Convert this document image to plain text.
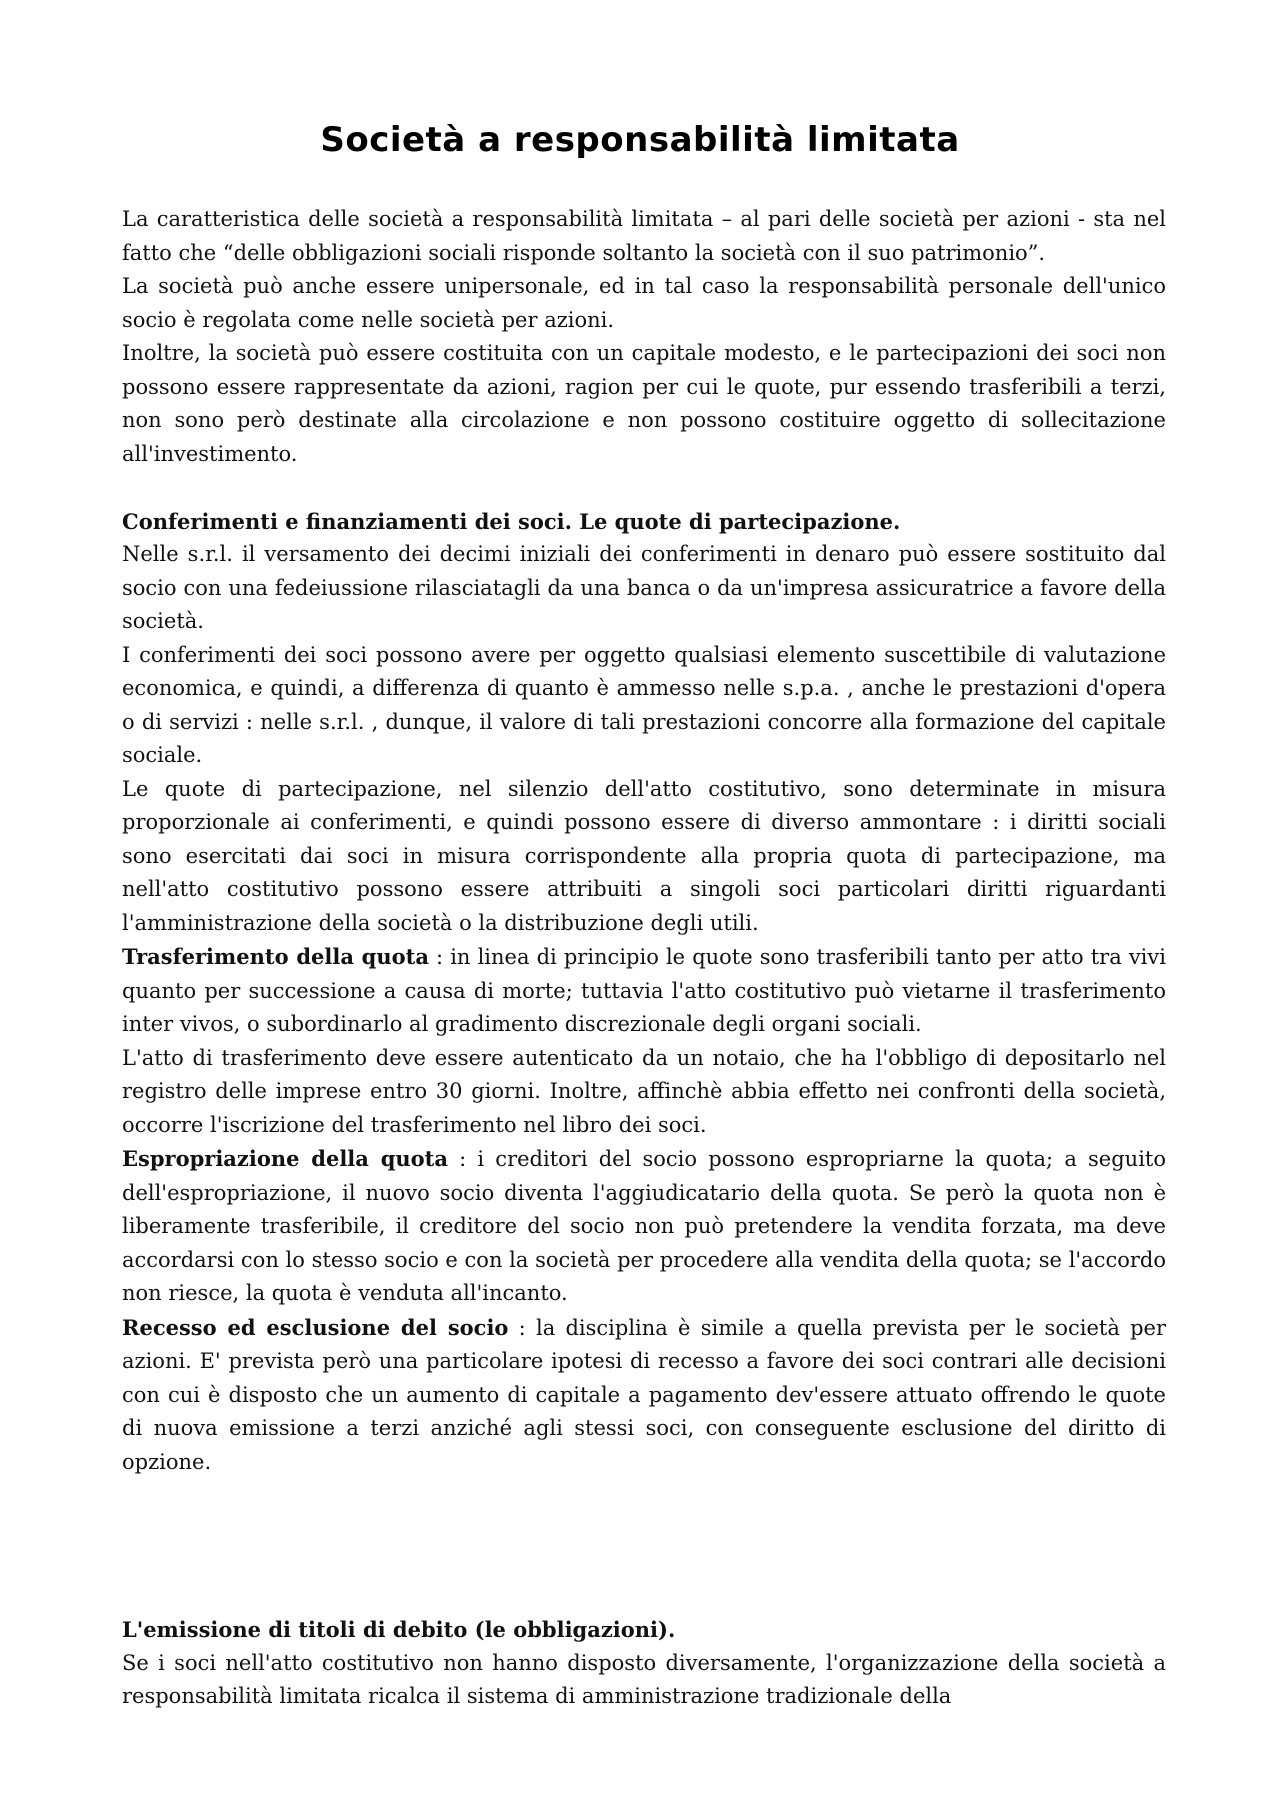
Società a responsabilità limitata

La caratteristica delle società a responsabilità limitata – al pari delle società per azioni - sta nel fatto che “delle obbligazioni sociali risponde soltanto la società con il suo patrimonio”.

La società può anche essere unipersonale, ed in tal caso la responsabilità personale dell'unico socio è regolata come nelle società per azioni.

Inoltre, la società può essere costituita con un capitale modesto, e le partecipazioni dei soci non possono essere rappresentate da azioni, ragion per cui le quote, pur essendo trasferibili a terzi, non sono però destinate alla circolazione e non possono costituire oggetto di sollecitazione all'investimento.

Conferimenti e finanziamenti dei soci. Le quote di partecipazione.

Nelle s.r.l. il versamento dei decimi iniziali dei conferimenti in denaro può essere sostituito dal socio con una fedeiussione rilasciatagli da una banca o da un'impresa assicuratrice a favore della società.

I conferimenti dei soci possono avere per oggetto qualsiasi elemento suscettibile di valutazione economica, e quindi, a differenza di quanto è ammesso nelle s.p.a. , anche le prestazioni d'opera o di servizi : nelle s.r.l. , dunque, il valore di tali prestazioni concorre alla formazione del capitale sociale.

Le quote di partecipazione, nel silenzio dell'atto costitutivo, sono determinate in misura proporzionale ai conferimenti, e quindi possono essere di diverso ammontare : i diritti sociali sono esercitati dai soci in misura corrispondente alla propria quota di partecipazione, ma nell'atto costitutivo possono essere attribuiti a singoli soci particolari diritti riguardanti l'amministrazione della società o la distribuzione degli utili.

Trasferimento della quota : in linea di principio le quote sono trasferibili tanto per atto tra vivi quanto per successione a causa di morte; tuttavia l'atto costitutivo può vietarne il trasferimento inter vivos, o subordinarlo al gradimento discrezionale degli organi sociali.

L'atto di trasferimento deve essere autenticato da un notaio, che ha l'obbligo di depositarlo nel registro delle imprese entro 30 giorni. Inoltre, affinchè abbia effetto nei confronti della società, occorre l'iscrizione del trasferimento nel libro dei soci.

Espropriazione della quota : i creditori del socio possono espropriarne la quota; a seguito dell'espropriazione, il nuovo socio diventa l'aggiudicatario della quota. Se però la quota non è liberamente trasferibile, il creditore del socio non può pretendere la vendita forzata, ma deve accordarsi con lo stesso socio e con la società per procedere alla vendita della quota; se l'accordo non riesce, la quota è venduta all'incanto.

Recesso ed esclusione del socio : la disciplina è simile a quella prevista per le società per azioni. E' prevista però una particolare ipotesi di recesso a favore dei soci contrari alle decisioni con cui è disposto che un aumento di capitale a pagamento dev'essere attuato offrendo le quote di nuova emissione a terzi anziché agli stessi soci, con conseguente esclusione del diritto di opzione.

L'emissione di titoli di debito (le obbligazioni).

Se i soci nell'atto costitutivo non hanno disposto diversamente, l'organizzazione della società a responsabilità limitata ricalca il sistema di amministrazione tradizionale della
